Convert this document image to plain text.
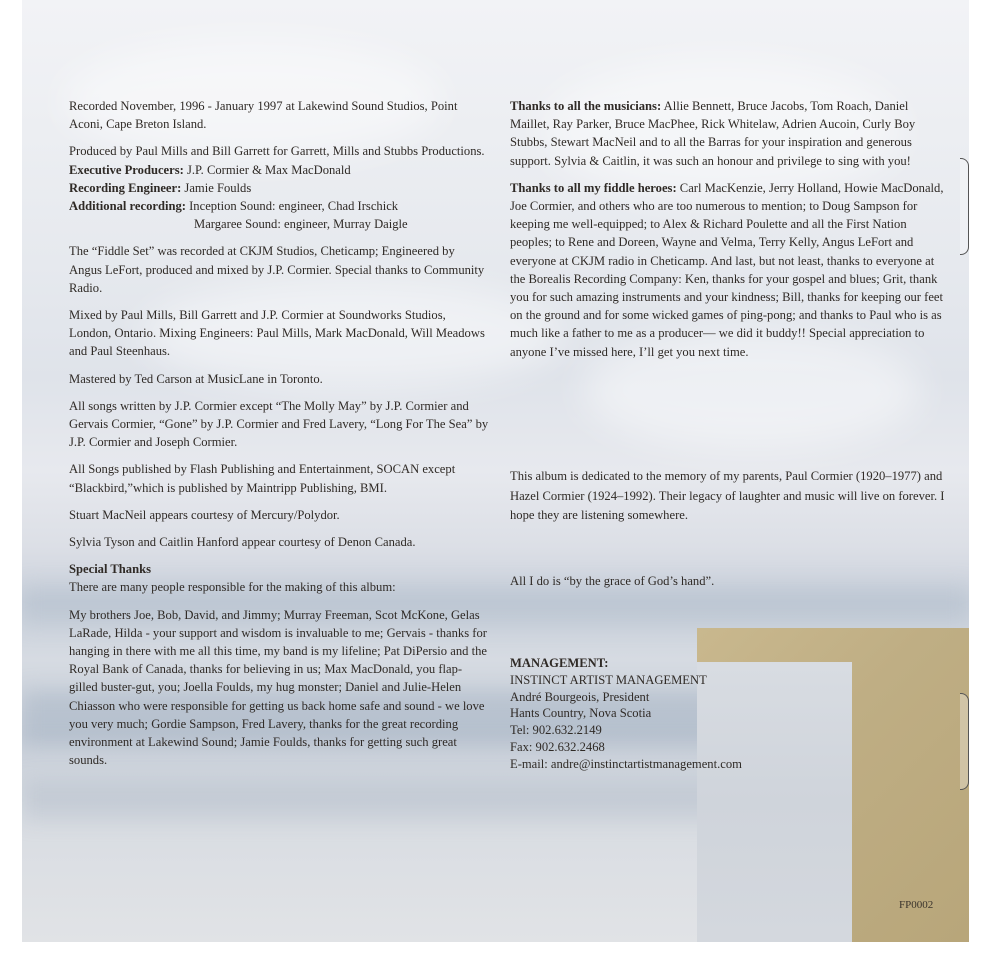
Recorded November, 1996 - January 1997 at Lakewind Sound Studios, Point Aconi, Cape Breton Island.

Produced by Paul Mills and Bill Garrett for Garrett, Mills and Stubbs Productions.

Executive Producers: J.P. Cormier & Max MacDonald
Recording Engineer: Jamie Foulds
Additional recording: Inception Sound: engineer, Chad Irschick
Margaree Sound: engineer, Murray Daigle

The “Fiddle Set” was recorded at CKJM Studios, Cheticamp; Engineered by Angus LeFort, produced and mixed by J.P. Cormier. Special thanks to Community Radio.

Mixed by Paul Mills, Bill Garrett and J.P. Cormier at Soundworks Studios, London, Ontario. Mixing Engineers: Paul Mills, Mark MacDonald, Will Meadows and Paul Steenhaus.

Mastered by Ted Carson at MusicLane in Toronto.

All songs written by J.P. Cormier except “The Molly May” by J.P. Cormier and Gervais Cormier, “Gone” by J.P. Cormier and Fred Lavery, “Long For The Sea” by J.P. Cormier and Joseph Cormier.

All Songs published by Flash Publishing and Entertainment, SOCAN except “Blackbird,”which is published by Maintripp Publishing, BMI.

Stuart MacNeil appears courtesy of Mercury/Polydor.

Sylvia Tyson and Caitlin Hanford appear courtesy of Denon Canada.

Special Thanks

There are many people responsible for the making of this album:

My brothers Joe, Bob, David, and Jimmy; Murray Freeman, Scot McKone, Gelas LaRade, Hilda - your support and wisdom is invaluable to me; Gervais - thanks for hanging in there with me all this time, my band is my lifeline; Pat DiPersio and the Royal Bank of Canada, thanks for believing in us; Max MacDonald, you flap-gilled buster-gut, you; Joella Foulds, my hug monster; Daniel and Julie-Helen Chiasson who were responsible for getting us back home safe and sound - we love you very much; Gordie Sampson, Fred Lavery, thanks for the great recording environment at Lakewind Sound; Jamie Foulds, thanks for getting such great sounds.

Thanks to all the musicians: Allie Bennett, Bruce Jacobs, Tom Roach, Daniel Maillet, Ray Parker, Bruce MacPhee, Rick Whitelaw, Adrien Aucoin, Curly Boy Stubbs, Stewart MacNeil and to all the Barras for your inspiration and generous support. Sylvia & Caitlin, it was such an honour and privilege to sing with you!

Thanks to all my fiddle heroes: Carl MacKenzie, Jerry Holland, Howie MacDonald, Joe Cormier, and others who are too numerous to mention; to Doug Sampson for keeping me well-equipped; to Alex & Richard Poulette and all the First Nation peoples; to Rene and Doreen, Wayne and Velma, Terry Kelly, Angus LeFort and everyone at CKJM radio in Cheticamp. And last, but not least, thanks to everyone at the Borealis Recording Company: Ken, thanks for your gospel and blues; Grit, thank you for such amazing instruments and your kindness; Bill, thanks for keeping our feet on the ground and for some wicked games of ping-pong; and thanks to Paul who is as much like a father to me as a producer— we did it buddy!! Special appreciation to anyone I’ve missed here, I’ll get you next time.

This album is dedicated to the memory of my parents, Paul Cormier (1920–1977) and Hazel Cormier (1924–1992). Their legacy of laughter and music will live on forever. I hope they are listening somewhere.
All I do is “by the grace of God’s hand”.
MANAGEMENT:
INSTINCT ARTIST MANAGEMENT
André Bourgeois, President
Hants Country, Nova Scotia
Tel: 902.632.2149
Fax: 902.632.2468
E-mail: andre@instinctartistmanagement.com
FP0002
